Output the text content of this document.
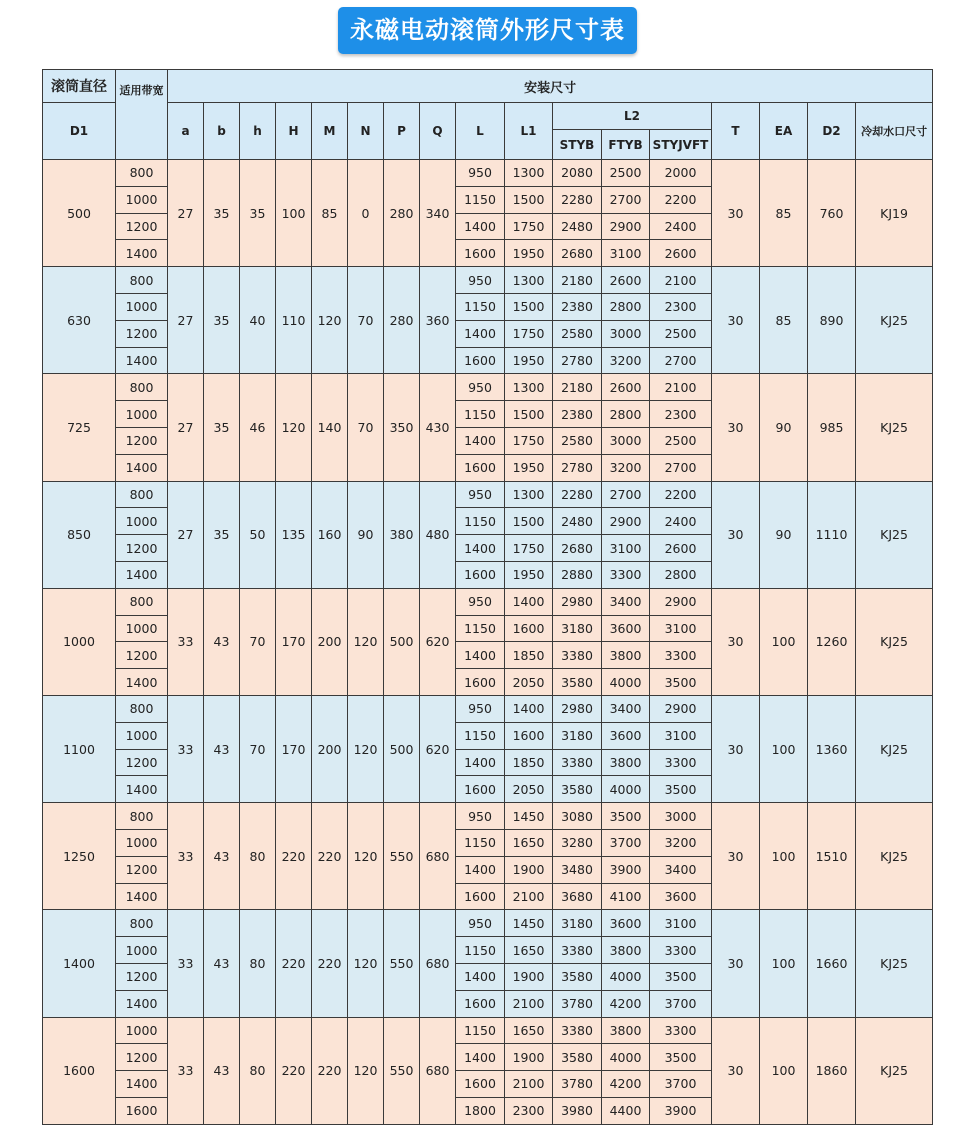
永磁电动滚筒外形尺寸表
滚筒直径	适用带宽	安装尺寸																
D1		a	b	h	H	M	N	P	Q	L	L1	L2			T	EA	D2	冷却水口尺寸
												STYB	FTYB	STYJVFT				
500	800	27	35	35	100	85	0	280	340	950	1300	2080	2500	2000	30	85	760	KJ19
	1000									1150	1500	2280	2700	2200				
	1200									1400	1750	2480	2900	2400				
	1400									1600	1950	2680	3100	2600				
630	800	27	35	40	110	120	70	280	360	950	1300	2180	2600	2100	30	85	890	KJ25
	1000									1150	1500	2380	2800	2300				
	1200									1400	1750	2580	3000	2500				
	1400									1600	1950	2780	3200	2700				
725	800	27	35	46	120	140	70	350	430	950	1300	2180	2600	2100	30	90	985	KJ25
	1000									1150	1500	2380	2800	2300				
	1200									1400	1750	2580	3000	2500				
	1400									1600	1950	2780	3200	2700				
850	800	27	35	50	135	160	90	380	480	950	1300	2280	2700	2200	30	90	1110	KJ25
	1000									1150	1500	2480	2900	2400				
	1200									1400	1750	2680	3100	2600				
	1400									1600	1950	2880	3300	2800				
1000	800	33	43	70	170	200	120	500	620	950	1400	2980	3400	2900	30	100	1260	KJ25
	1000									1150	1600	3180	3600	3100				
	1200									1400	1850	3380	3800	3300				
	1400									1600	2050	3580	4000	3500				
1100	800	33	43	70	170	200	120	500	620	950	1400	2980	3400	2900	30	100	1360	KJ25
	1000									1150	1600	3180	3600	3100				
	1200									1400	1850	3380	3800	3300				
	1400									1600	2050	3580	4000	3500				
1250	800	33	43	80	220	220	120	550	680	950	1450	3080	3500	3000	30	100	1510	KJ25
	1000									1150	1650	3280	3700	3200				
	1200									1400	1900	3480	3900	3400				
	1400									1600	2100	3680	4100	3600				
1400	800	33	43	80	220	220	120	550	680	950	1450	3180	3600	3100	30	100	1660	KJ25
	1000									1150	1650	3380	3800	3300				
	1200									1400	1900	3580	4000	3500				
	1400									1600	2100	3780	4200	3700				
1600	1000	33	43	80	220	220	120	550	680	1150	1650	3380	3800	3300	30	100	1860	KJ25
	1200									1400	1900	3580	4000	3500				
	1400									1600	2100	3780	4200	3700				
	1600									1800	2300	3980	4400	3900				
